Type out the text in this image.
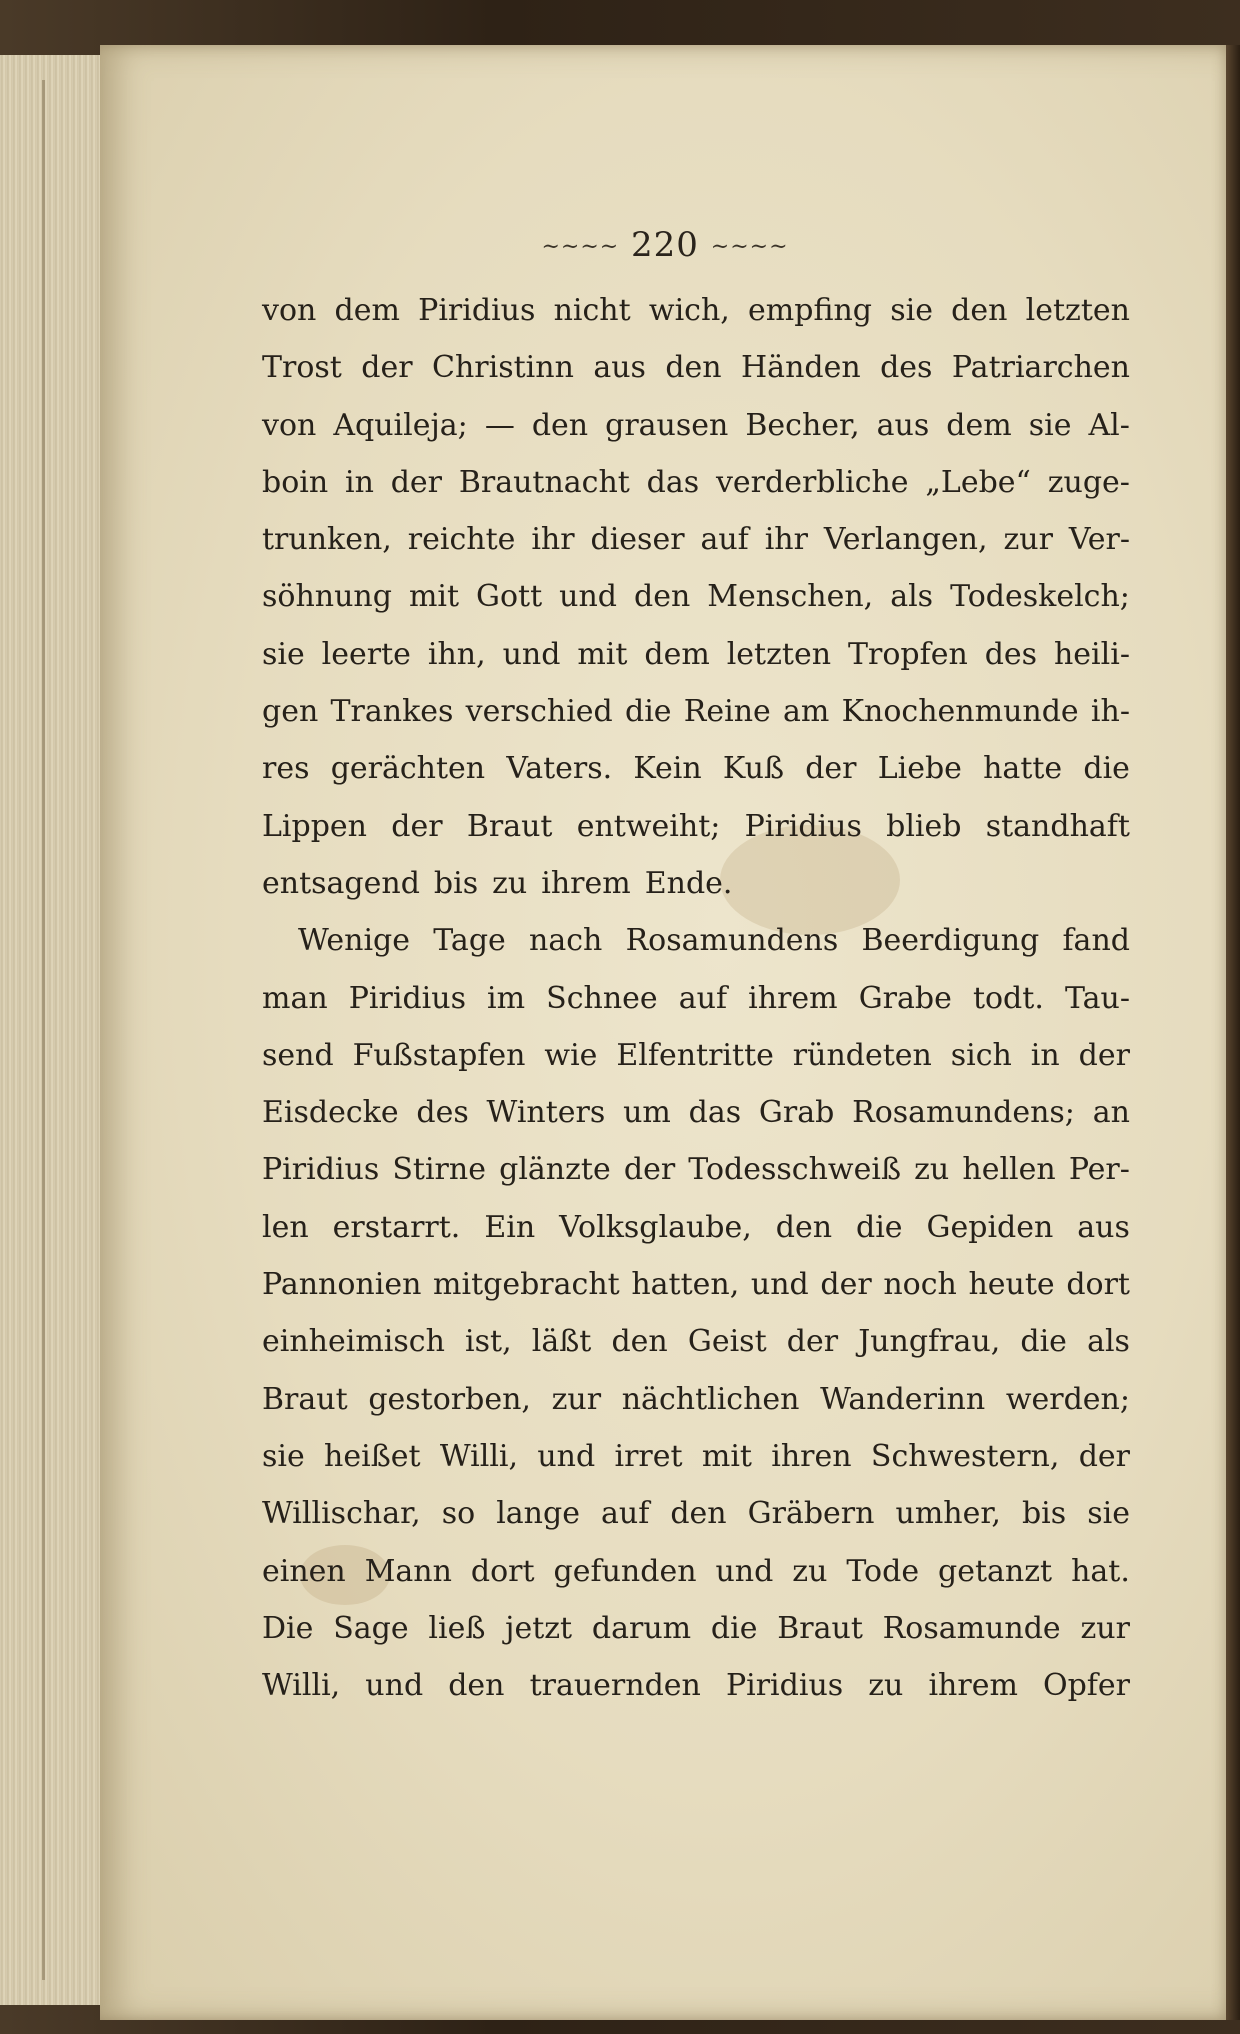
~~~~ 220 ~~~~
von dem Piridius nicht wich, empfing sie den letzten
Trost der Christinn aus den Händen des Patriarchen
von Aquileja; — den grausen Becher, aus dem sie Al-
boin in der Brautnacht das verderbliche „Lebe“ zuge-
trunken, reichte ihr dieser auf ihr Verlangen, zur Ver-
söhnung mit Gott und den Menschen, als Todeskelch;
sie leerte ihn, und mit dem letzten Tropfen des heili-
gen Trankes verschied die Reine am Knochenmunde ih-
res gerächten Vaters. Kein Kuß der Liebe hatte die
Lippen der Braut entweiht; Piridius blieb standhaft
entsagend bis zu ihrem Ende.
Wenige Tage nach Rosamundens Beerdigung fand
man Piridius im Schnee auf ihrem Grabe todt. Tau-
send Fußstapfen wie Elfentritte ründeten sich in der
Eisdecke des Winters um das Grab Rosamundens; an
Piridius Stirne glänzte der Todesschweiß zu hellen Per-
len erstarrt. Ein Volksglaube, den die Gepiden aus
Pannonien mitgebracht hatten, und der noch heute dort
einheimisch ist, läßt den Geist der Jungfrau, die als
Braut gestorben, zur nächtlichen Wanderinn werden;
sie heißet Willi, und irret mit ihren Schwestern, der
Willischar, so lange auf den Gräbern umher, bis sie
einen Mann dort gefunden und zu Tode getanzt hat.
Die Sage ließ jetzt darum die Braut Rosamunde zur
Willi, und den trauernden Piridius zu ihrem Opfer
